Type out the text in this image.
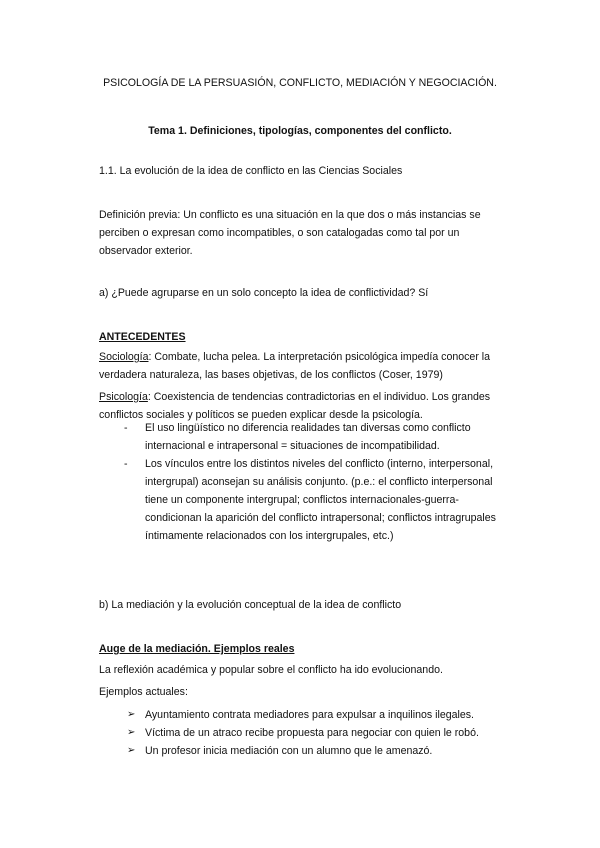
PSICOLOGÍA DE LA PERSUASIÓN, CONFLICTO, MEDIACIÓN Y NEGOCIACIÓN.

Tema 1. Definiciones, tipologías, componentes del conflicto.

1.1. La evolución de la idea de conflicto en las Ciencias Sociales

Definición previa: Un conflicto es una situación en la que dos o más instancias se perciben o expresan como incompatibles, o son catalogadas como tal por un observador exterior.

a) ¿Puede agruparse en un solo concepto la idea de conflictividad? Sí

ANTECEDENTES

Sociología: Combate, lucha pelea. La interpretación psicológica impedía conocer la verdadera naturaleza, las bases objetivas, de los conflictos (Coser, 1979)

Psicología: Coexistencia de tendencias contradictorias en el individuo. Los grandes conflictos sociales y políticos se pueden explicar desde la psicología.

- El uso lingüístico no diferencia realidades tan diversas como conflicto internacional e intrapersonal = situaciones de incompatibilidad.
- Los vínculos entre los distintos niveles del conflicto (interno, interpersonal, intergrupal) aconsejan su análisis conjunto. (p.e.: el conflicto interpersonal tiene un componente intergrupal; conflictos internacionales-guerra-condicionan la aparición del conflicto intrapersonal; conflictos intragrupales íntimamente relacionados con los intergrupales, etc.)

b) La mediación y la evolución conceptual de la idea de conflicto

Auge de la mediación. Ejemplos reales

La reflexión académica y popular sobre el conflicto ha ido evolucionando.

Ejemplos actuales:

➢ Ayuntamiento contrata mediadores para expulsar a inquilinos ilegales.
➢ Víctima de un atraco recibe propuesta para negociar con quien le robó.
➢ Un profesor inicia mediación con un alumno que le amenazó.
